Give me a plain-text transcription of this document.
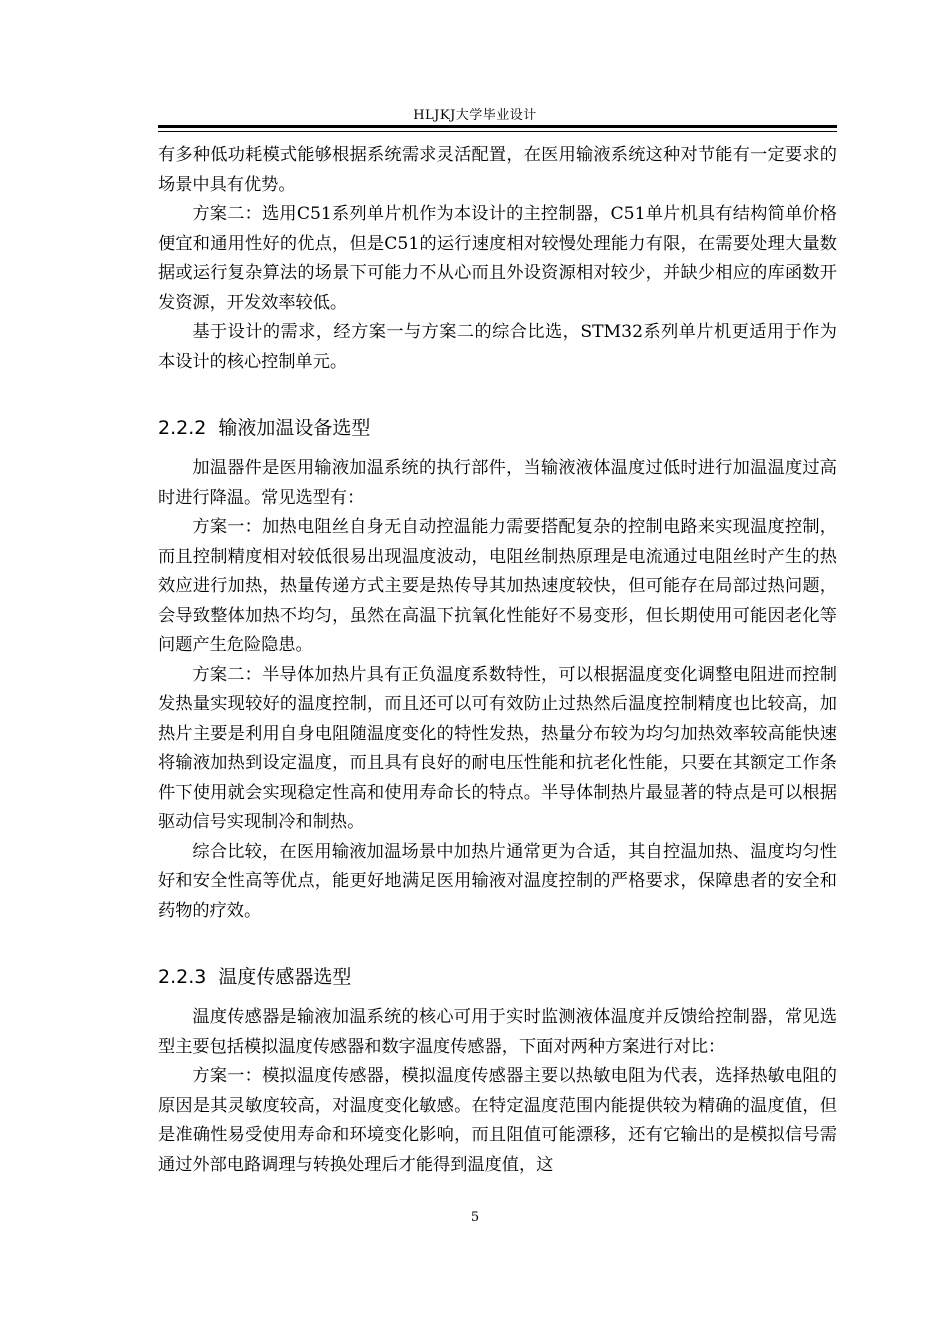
HLJKJ大学毕业设计

有多种低功耗模式能够根据系统需求灵活配置，在医用输液系统这种对节能有一定要求的场景中具有优势。

方案二：选用C51系列单片机作为本设计的主控制器，C51单片机具有结构简单价格便宜和通用性好的优点，但是C51的运行速度相对较慢处理能力有限，在需要处理大量数据或运行复杂算法的场景下可能力不从心而且外设资源相对较少，并缺少相应的库函数开发资源，开发效率较低。

基于设计的需求，经方案一与方案二的综合比选，STM32系列单片机更适用于作为本设计的核心控制单元。

2.2.2 输液加温设备选型

加温器件是医用输液加温系统的执行部件，当输液液体温度过低时进行加温温度过高时进行降温。常见选型有：

方案一：加热电阻丝自身无自动控温能力需要搭配复杂的控制电路来实现温度控制，而且控制精度相对较低很易出现温度波动，电阻丝制热原理是电流通过电阻丝时产生的热效应进行加热，热量传递方式主要是热传导其加热速度较快，但可能存在局部过热问题，会导致整体加热不均匀，虽然在高温下抗氧化性能好不易变形，但长期使用可能因老化等问题产生危险隐患。

方案二：半导体加热片具有正负温度系数特性，可以根据温度变化调整电阻进而控制发热量实现较好的温度控制，而且还可以可有效防止过热然后温度控制精度也比较高，加热片主要是利用自身电阻随温度变化的特性发热，热量分布较为均匀加热效率较高能快速将输液加热到设定温度，而且具有良好的耐电压性能和抗老化性能，只要在其额定工作条件下使用就会实现稳定性高和使用寿命长的特点。半导体制热片最显著的特点是可以根据驱动信号实现制冷和制热。

综合比较，在医用输液加温场景中加热片通常更为合适，其自控温加热、温度均匀性好和安全性高等优点，能更好地满足医用输液对温度控制的严格要求，保障患者的安全和药物的疗效。

2.2.3 温度传感器选型

温度传感器是输液加温系统的核心可用于实时监测液体温度并反馈给控制器，常见选型主要包括模拟温度传感器和数字温度传感器，下面对两种方案进行对比：

方案一：模拟温度传感器，模拟温度传感器主要以热敏电阻为代表，选择热敏电阻的原因是其灵敏度较高，对温度变化敏感。在特定温度范围内能提供较为精确的温度值，但是准确性易受使用寿命和环境变化影响，而且阻值可能漂移，还有它输出的是模拟信号需通过外部电路调理与转换处理后才能得到温度值，这

5
